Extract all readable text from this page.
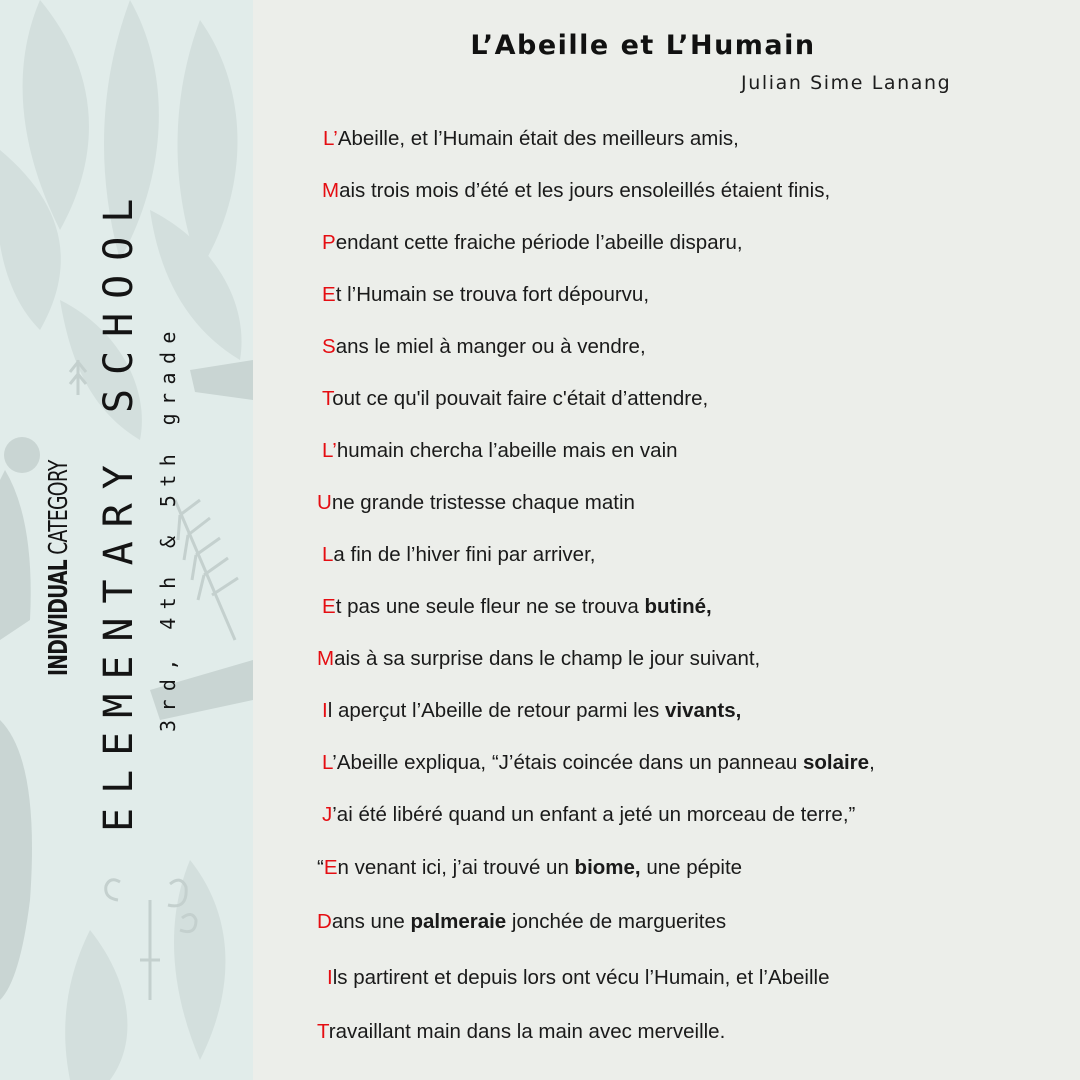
INDIVIDUAL CATEGORY ELEMENTARY SCHOOL 3rd, 4th & 5th grade
L’Abeille et L’Humain
Julian Sime Lanang
L’Abeille, et l’Humain était des meilleurs amis,
Mais trois mois d’été et les jours ensoleillés étaient finis,
Pendant cette fraiche période l’abeille disparu,
Et l’Humain se trouva fort dépourvu,
Sans le miel à manger ou à vendre,
Tout ce qu'il pouvait faire c'était d’attendre,
L’humain chercha l’abeille mais en vain
Une grande tristesse chaque matin
La fin de l’hiver fini par arriver,
Et pas une seule fleur ne se trouva butiné,
Mais à sa surprise dans le champ le jour suivant,
Il aperçut l’Abeille de retour parmi les vivants,
L’Abeille expliqua, “J’étais coincée dans un panneau solaire,
J’ai été libéré quand un enfant a jeté un morceau de terre,”
“En venant ici, j’ai trouvé un biome, une pépite
Dans une palmeraie jonchée de marguerites
Ils partirent et depuis lors ont vécu l’Humain, et l’Abeille
Travaillant main dans la main avec merveille.
